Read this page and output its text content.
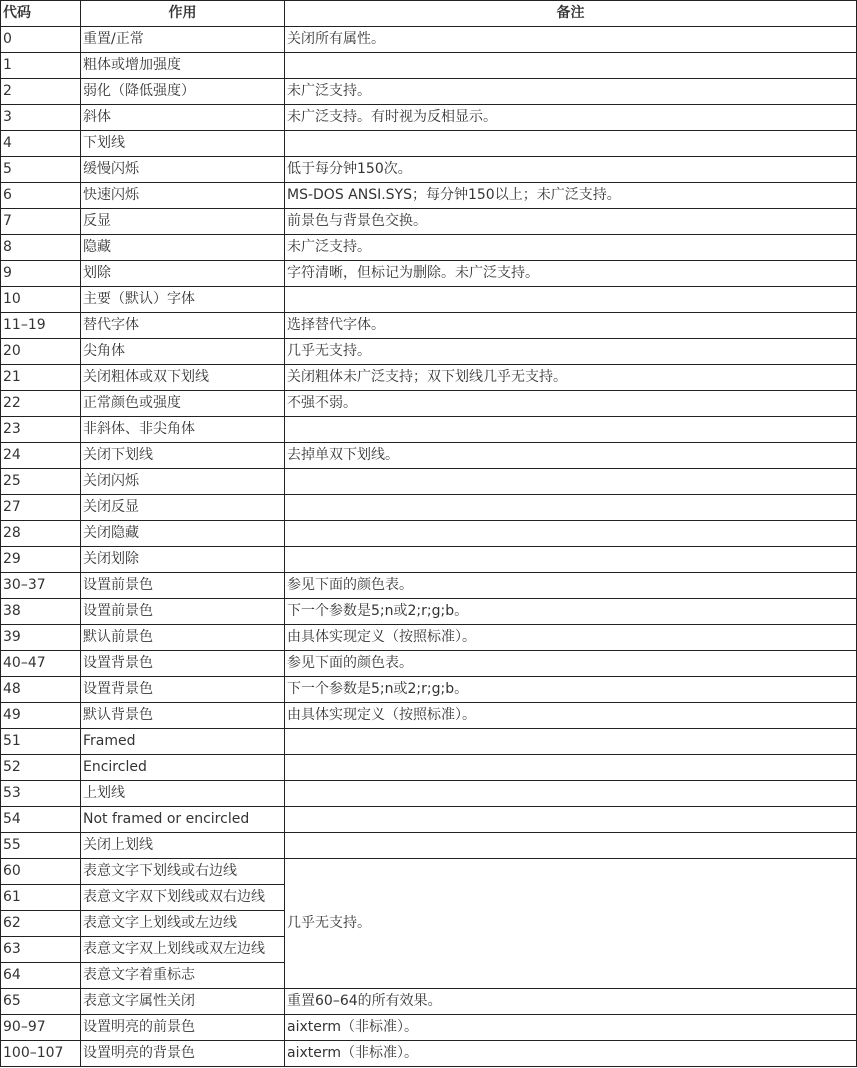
代码	作用	备注

0	重置/正常	关闭所有属性。

1	粗体或增加强度	

2	弱化（降低强度）	未广泛支持。

3	斜体	未广泛支持。有时视为反相显示。

4	下划线	

5	缓慢闪烁	低于每分钟150次。

6	快速闪烁	MS-DOS ANSI.SYS；每分钟150以上；未广泛支持。

7	反显	前景色与背景色交换。

8	隐藏	未广泛支持。

9	划除	字符清晰，但标记为删除。未广泛支持。

10	主要（默认）字体	

11–19	替代字体	选择替代字体。

20	尖角体	几乎无支持。

21	关闭粗体或双下划线	关闭粗体未广泛支持；双下划线几乎无支持。

22	正常颜色或强度	不强不弱。

23	非斜体、非尖角体	

24	关闭下划线	去掉单双下划线。

25	关闭闪烁	

27	关闭反显	

28	关闭隐藏	

29	关闭划除	

30–37	设置前景色	参见下面的颜色表。

38	设置前景色	下一个参数是5;n或2;r;g;b。

39	默认前景色	由具体实现定义（按照标准）。

40–47	设置背景色	参见下面的颜色表。

48	设置背景色	下一个参数是5;n或2;r;g;b。

49	默认背景色	由具体实现定义（按照标准）。

51	Framed	

52	Encircled	

53	上划线	

54	Not framed or encircled	

55	关闭上划线	

60	表意文字下划线或右边线	几乎无支持。

61	表意文字双下划线或双右边线	

62	表意文字上划线或左边线	

63	表意文字双上划线或双左边线	

64	表意文字着重标志	

65	表意文字属性关闭	重置60–64的所有效果。

90–97	设置明亮的前景色	aixterm（非标准）。

100–107	设置明亮的背景色	aixterm（非标准）。
